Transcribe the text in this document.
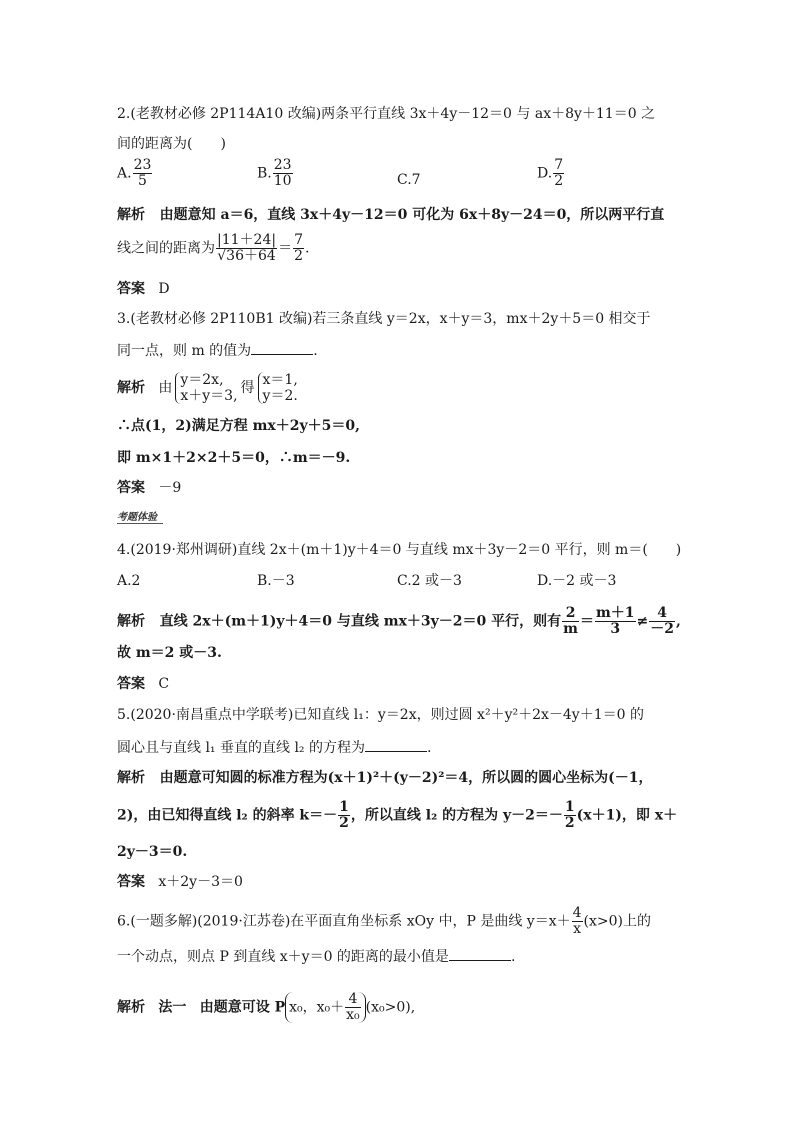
2.(老教材必修 2P114A10 改编)两条平行直线 3x＋4y－12＝0 与 ax＋8y＋11＝0 之
间的距离为(　　)
A. $\frac{23}{5}$	B. $\frac{23}{10}$	C.7	D. $\frac{7}{2}$
解析 由题意知 a＝6，直线 3x＋4y－12＝0 可化为 6x＋8y－24＝0，所以两平行直
线之间的距离为 $\frac{|11+24|}{√36+64} = \frac{7}{2}$ .
答案 D
3.(老教材必修 2P110B1 改编)若三条直线 y＝2x，x＋y＝3，mx＋2y＋5＝0 相交于
同一点，则 m 的值为	.
解析 由 y＝2x,
x＋y＝3, 得 x＝1,
y＝2.
∴点(1，2)满足方程 mx＋2y＋5＝0,
即 m×1＋2×2＋5＝0，∴m＝－9.
答案 －9
考题体验
4.(2019·郑州调研)直线 2x＋(m＋1)y＋4＝0 与直线 mx＋3y－2＝0 平行，则 m＝(　　)
A.2	B.－3	C.2 或－3	D.－2 或－3
解析 直线 2x＋(m＋1)y＋4＝0 与直线 mx＋3y－2＝0 平行，则有 $\frac{2}{m} = \frac{m+1}{3} \ne \frac{4}{-2}$ ,
故 m＝2 或－3.
答案 C
5.(2020·南昌重点中学联考)已知直线 l₁：y＝2x，则过圆 x²＋y²＋2x－4y＋1＝0 的
圆心且与直线 l₁ 垂直的直线 l₂ 的方程为	.
解析 由题意可知圆的标准方程为(x＋1)²＋(y－2)²＝4，所以圆的圆心坐标为(－1，
2)，由已知得直线 l₂ 的斜率 $k=- \frac{1}{2}$ ，所以直线 l₂ 的方程为 $y-2=- \frac{1}{2} (x+1)$，即 x＋
2y－3＝0.
答案 x＋2y－3＝0
6.(一题多解)(2019·江苏卷)在平面直角坐标系 xOy 中，P 是曲线 $y=x+ \frac{4}{x} (x>0)$上的
一个动点，则点 P 到直线 x＋y＝0 的距离的最小值是	.
解析 法一 由题意可设 P x₀，$x_0+ \frac{4}{\text{x₀}} (x_0>0)$,
